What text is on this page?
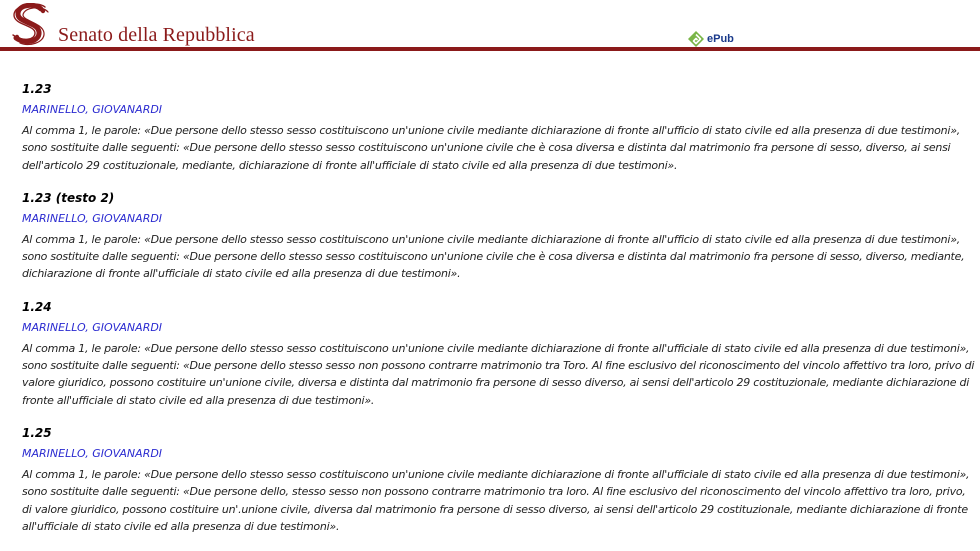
Senato della Repubblica	ePub
1.23
MARINELLO, GIOVANARDI
Al comma 1, le parole: «Due persone dello stesso sesso costituiscono un'unione civile mediante dichiarazione di fronte all'ufficio di stato civile ed alla presenza di due testimoni», sono sostituite dalle seguenti: «Due persone dello stesso sesso costituiscono un'unione civile che è cosa diversa e distinta dal matrimonio fra persone di sesso, diverso, ai sensi dell'articolo 29 costituzionale, mediante, dichiarazione di fronte all'ufficiale di stato civile ed alla presenza di due testimoni».
1.23 (testo 2)
MARINELLO, GIOVANARDI
Al comma 1, le parole: «Due persone dello stesso sesso costituiscono un'unione civile mediante dichiarazione di fronte all'ufficio di stato civile ed alla presenza di due testimoni», sono sostituite dalle seguenti: «Due persone dello stesso sesso costituiscono un'unione civile che è cosa diversa e distinta dal matrimonio fra persone di sesso, diverso, mediante, dichiarazione di fronte all'ufficiale di stato civile ed alla presenza di due testimoni».
1.24
MARINELLO, GIOVANARDI
Al comma 1, le parole: «Due persone dello stesso sesso costituiscono un'unione civile mediante dichiarazione di fronte all'ufficiale di stato civile ed alla presenza di due testimoni», sono sostituite dalle seguenti: «Due persone dello stesso sesso non possono contrarre matrimonio tra Toro. Al fine esclusivo del riconoscimento del vincolo affettivo tra loro, privo di valore giuridico, possono costituire un'unione civile, diversa e distinta dal matrimonio fra persone di sesso diverso, ai sensi dell'articolo 29 costituzionale, mediante dichiarazione di fronte all'ufficiale di stato civile ed alla presenza di due testimoni».
1.25
MARINELLO, GIOVANARDI
Al comma 1, le parole: «Due persone dello stesso sesso costituiscono un'unione civile mediante dichiarazione di fronte all'ufficiale di stato civile ed alla presenza di due testimoni», sono sostituite dalle seguenti: «Due persone dello, stesso sesso non possono contrarre matrimonio tra loro. Al fine esclusivo del riconoscimento del vincolo affettivo tra loro, privo, di valore giuridico, possono costituire un'.unione civile, diversa dal matrimonio fra persone di sesso diverso, ai sensi dell'articolo 29 costituzionale, mediante dichiarazione di fronte all'ufficiale di stato civile ed alla presenza di due testimoni».
